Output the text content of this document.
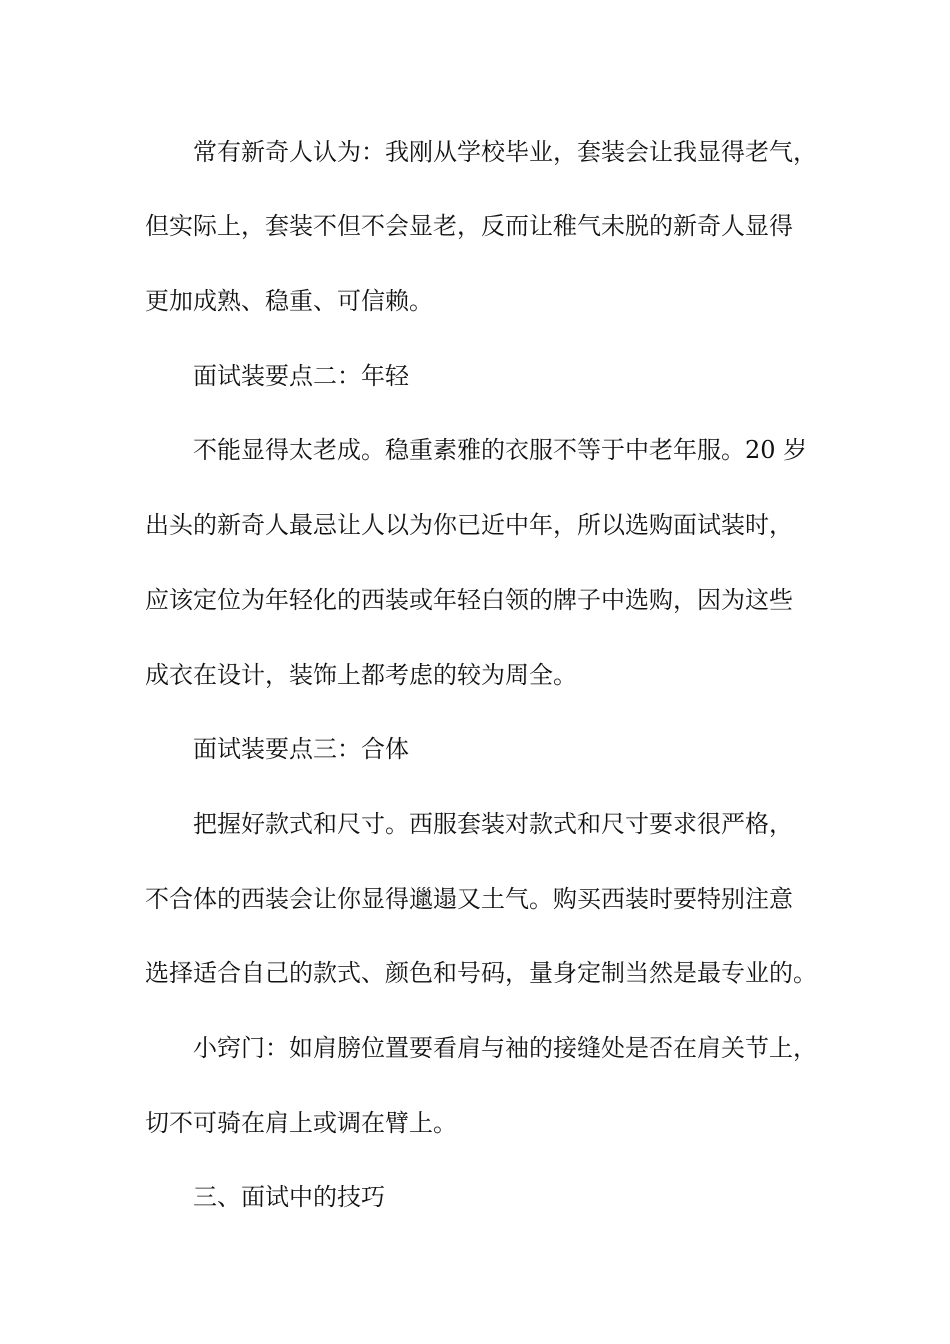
常有新奇人认为：我刚从学校毕业，套装会让我显得老气，

但实际上，套装不但不会显老，反而让稚气未脱的新奇人显得

更加成熟、稳重、可信赖。

面试装要点二：年轻

不能显得太老成。稳重素雅的衣服不等于中老年服。20 岁

出头的新奇人最忌让人以为你已近中年，所以选购面试装时，

应该定位为年轻化的西装或年轻白领的牌子中选购，因为这些

成衣在设计，装饰上都考虑的较为周全。

面试装要点三：合体

把握好款式和尺寸。西服套装对款式和尺寸要求很严格，

不合体的西装会让你显得邋遢又土气。购买西装时要特别注意

选择适合自己的款式、颜色和号码，量身定制当然是最专业的。

小窍门：如肩膀位置要看肩与袖的接缝处是否在肩关节上，

切不可骑在肩上或调在臂上。

三、面试中的技巧
